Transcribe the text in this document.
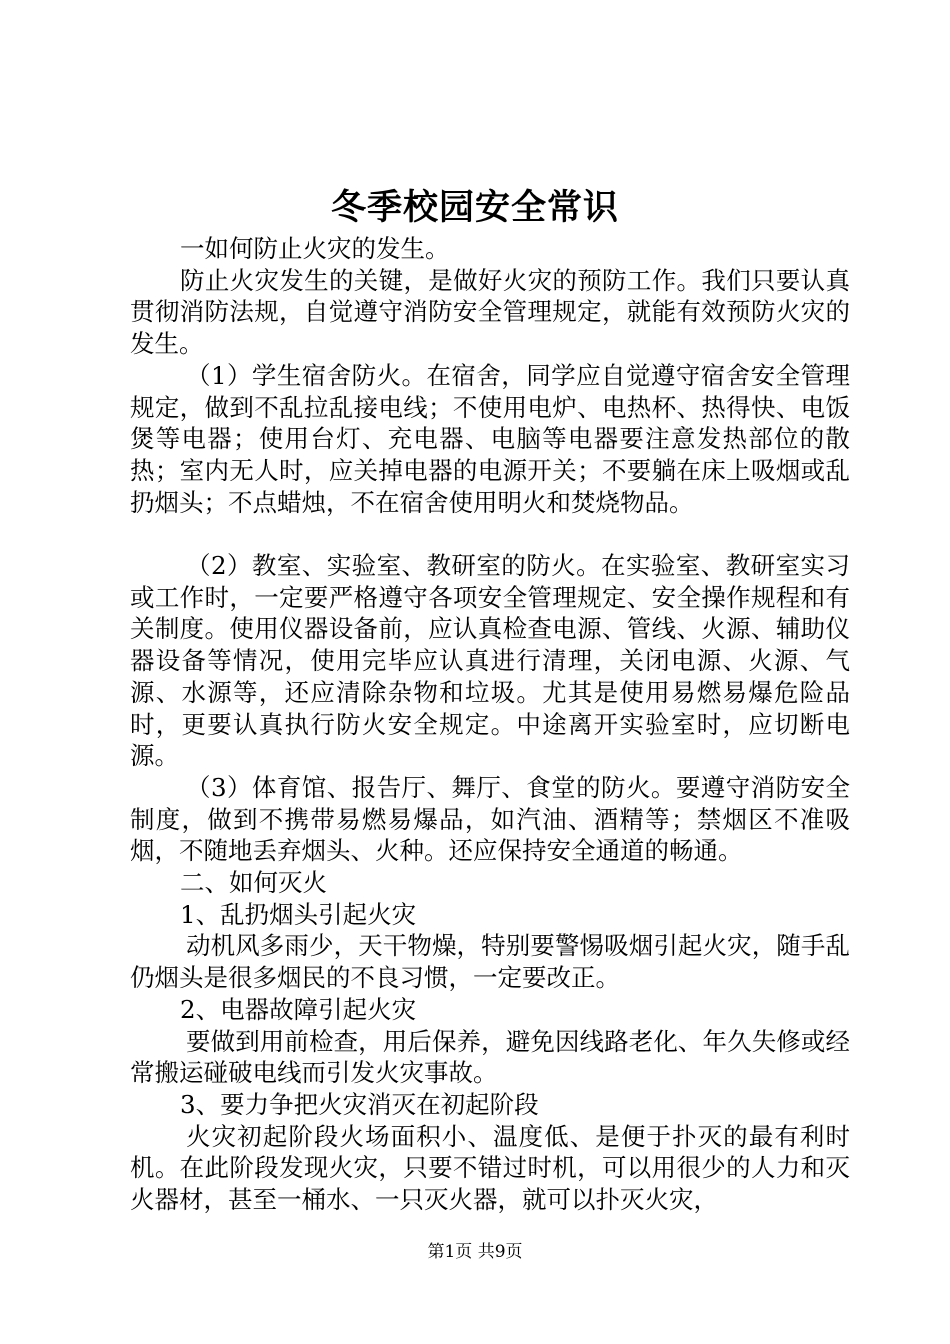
冬季校园安全常识

一如何防止火灾的发生。

防止火灾发生的关键，是做好火灾的预防工作。我们只要认真贯彻消防法规，自觉遵守消防安全管理规定，就能有效预防火灾的发生。

（1）学生宿舍防火。在宿舍，同学应自觉遵守宿舍安全管理规定，做到不乱拉乱接电线；不使用电炉、电热杯、热得快、电饭煲等电器；使用台灯、充电器、电脑等电器要注意发热部位的散热；室内无人时，应关掉电器的电源开关；不要躺在床上吸烟或乱扔烟头；不点蜡烛，不在宿舍使用明火和焚烧物品。

（2）教室、实验室、教研室的防火。在实验室、教研室实习或工作时，一定要严格遵守各项安全管理规定、安全操作规程和有关制度。使用仪器设备前，应认真检查电源、管线、火源、辅助仪器设备等情况，使用完毕应认真进行清理，关闭电源、火源、气源、水源等，还应清除杂物和垃圾。尤其是使用易燃易爆危险品时，更要认真执行防火安全规定。中途离开实验室时，应切断电源。

（3）体育馆、报告厅、舞厅、食堂的防火。要遵守消防安全制度，做到不携带易燃易爆品，如汽油、酒精等；禁烟区不准吸烟，不随地丢弃烟头、火种。还应保持安全通道的畅通。

二、如何灭火

1、乱扔烟头引起火灾

动机风多雨少，天干物燥，特别要警惕吸烟引起火灾，随手乱仍烟头是很多烟民的不良习惯，一定要改正。

2、电器故障引起火灾

要做到用前检查，用后保养，避免因线路老化、年久失修或经常搬运碰破电线而引发火灾事故。

3、要力争把火灾消灭在初起阶段

火灾初起阶段火场面积小、温度低、是便于扑灭的最有利时机。在此阶段发现火灾，只要不错过时机，可以用很少的人力和灭火器材，甚至一桶水、一只灭火器，就可以扑灭火灾，

第1页 共9页
